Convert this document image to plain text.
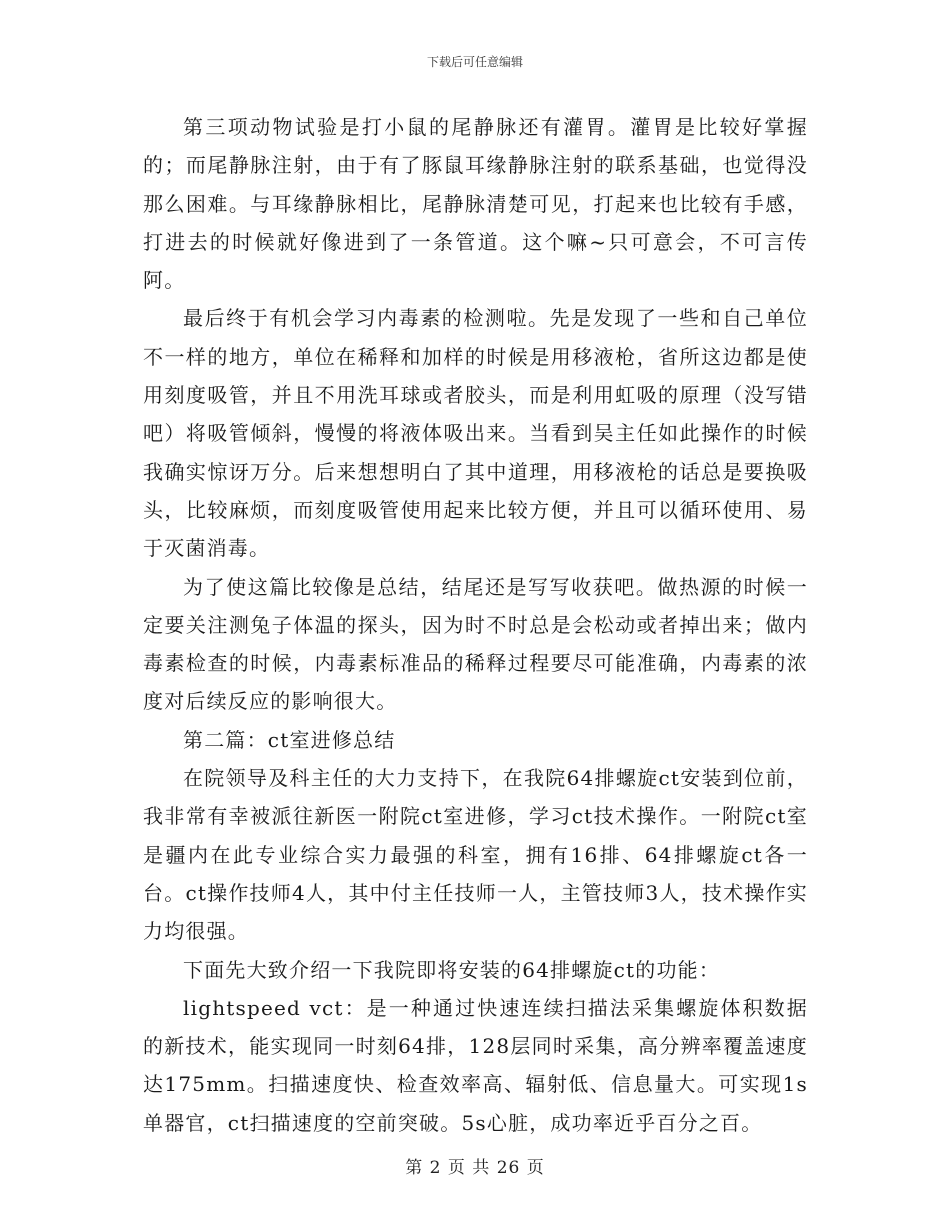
下载后可任意编辑

第三项动物试验是打小鼠的尾静脉还有灌胃。灌胃是比较好掌握的；而尾静脉注射，由于有了豚鼠耳缘静脉注射的联系基础，也觉得没那么困难。与耳缘静脉相比，尾静脉清楚可见，打起来也比较有手感，打进去的时候就好像进到了一条管道。这个嘛~只可意会，不可言传阿。

最后终于有机会学习内毒素的检测啦。先是发现了一些和自己单位不一样的地方，单位在稀释和加样的时候是用移液枪，省所这边都是使用刻度吸管，并且不用洗耳球或者胶头，而是利用虹吸的原理（没写错吧）将吸管倾斜，慢慢的将液体吸出来。当看到吴主任如此操作的时候我确实惊讶万分。后来想想明白了其中道理，用移液枪的话总是要换吸头，比较麻烦，而刻度吸管使用起来比较方便，并且可以循环使用、易于灭菌消毒。

为了使这篇比较像是总结，结尾还是写写收获吧。做热源的时候一定要关注测兔子体温的探头，因为时不时总是会松动或者掉出来；做内毒素检查的时候，内毒素标准品的稀释过程要尽可能准确，内毒素的浓度对后续反应的影响很大。

第二篇：ct室进修总结

在院领导及科主任的大力支持下，在我院64排螺旋ct安装到位前，我非常有幸被派往新医一附院ct室进修，学习ct技术操作。一附院ct室是疆内在此专业综合实力最强的科室，拥有16排、64排螺旋ct各一台。ct操作技师4人，其中付主任技师一人，主管技师3人，技术操作实力均很强。

下面先大致介绍一下我院即将安装的64排螺旋ct的功能：

lightspeed vct：是一种通过快速连续扫描法采集螺旋体积数据的新技术，能实现同一时刻64排，128层同时采集，高分辨率覆盖速度达175mm。扫描速度快、检查效率高、辐射低、信息量大。可实现1s单器官，ct扫描速度的空前突破。5s心脏，成功率近乎百分之百。

第 2 页 共 26 页
